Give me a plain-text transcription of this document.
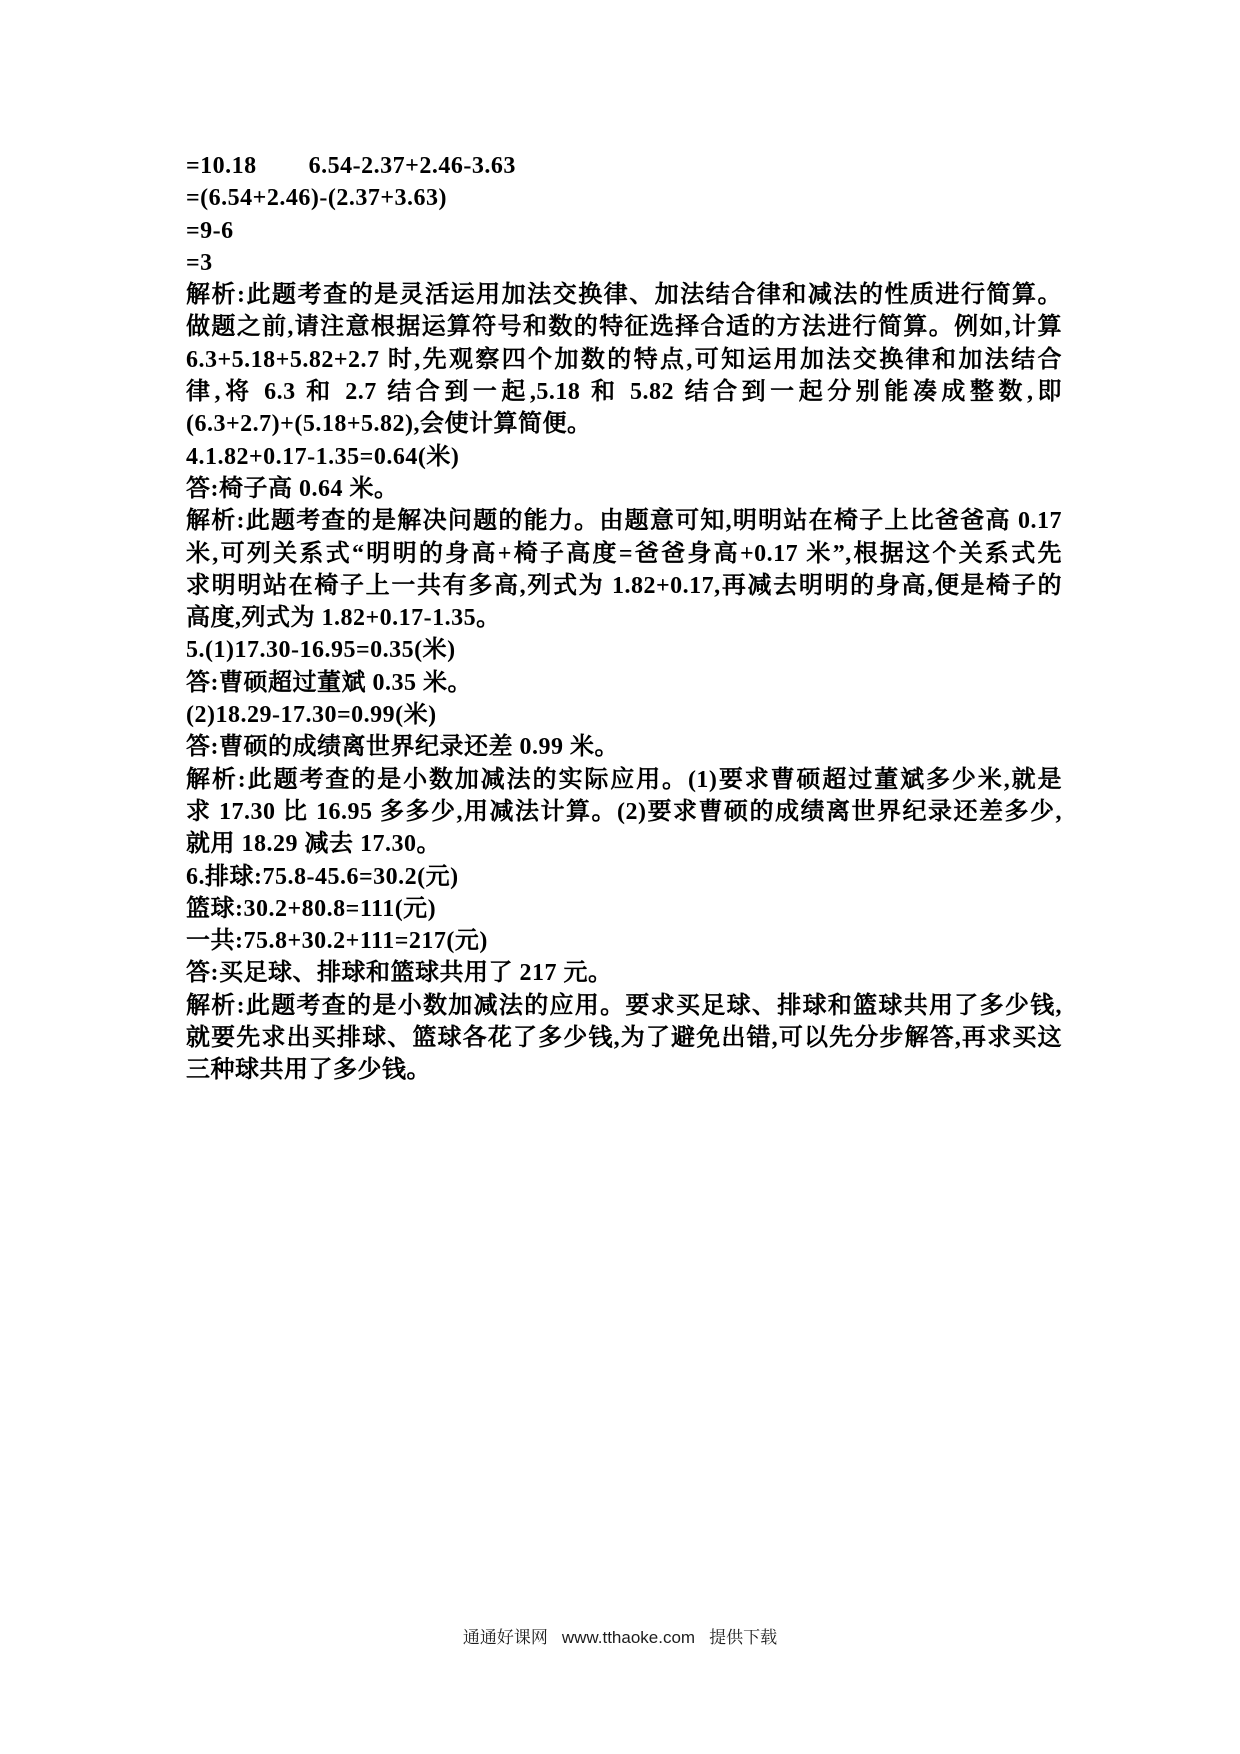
=10.18        6.54-2.37+2.46-3.63
=(6.54+2.46)-(2.37+3.63)
=9-6
=3
解析:此题考查的是灵活运用加法交换律、加法结合律和减法的性质进行简算。
做题之前,请注意根据运算符号和数的特征选择合适的方法进行简算。例如,计算
6.3+5.18+5.82+2.7 时,先观察四个加数的特点,可知运用加法交换律和加法结合
律,将 6.3 和 2.7 结合到一起,5.18 和 5.82 结合到一起分别能凑成整数,即
(6.3+2.7)+(5.18+5.82),会使计算简便。
4.1.82+0.17-1.35=0.64(米)
答:椅子高 0.64 米。
解析:此题考查的是解决问题的能力。由题意可知,明明站在椅子上比爸爸高 0.17
米,可列关系式“明明的身高+椅子高度=爸爸身高+0.17 米”,根据这个关系式先
求明明站在椅子上一共有多高,列式为 1.82+0.17,再减去明明的身高,便是椅子的
高度,列式为 1.82+0.17-1.35。
5.(1)17.30-16.95=0.35(米)
答:曹硕超过董斌 0.35 米。
(2)18.29-17.30=0.99(米)
答:曹硕的成绩离世界纪录还差 0.99 米。
解析:此题考查的是小数加减法的实际应用。(1)要求曹硕超过董斌多少米,就是
求 17.30 比 16.95 多多少,用减法计算。(2)要求曹硕的成绩离世界纪录还差多少,
就用 18.29 减去 17.30。
6.排球:75.8-45.6=30.2(元)
篮球:30.2+80.8=111(元)
一共:75.8+30.2+111=217(元)
答:买足球、排球和篮球共用了 217 元。
解析:此题考查的是小数加减法的应用。要求买足球、排球和篮球共用了多少钱,
就要先求出买排球、篮球各花了多少钱,为了避免出错,可以先分步解答,再求买这
三种球共用了多少钱。
通通好课网 www.tthaoke.com 提供下载
